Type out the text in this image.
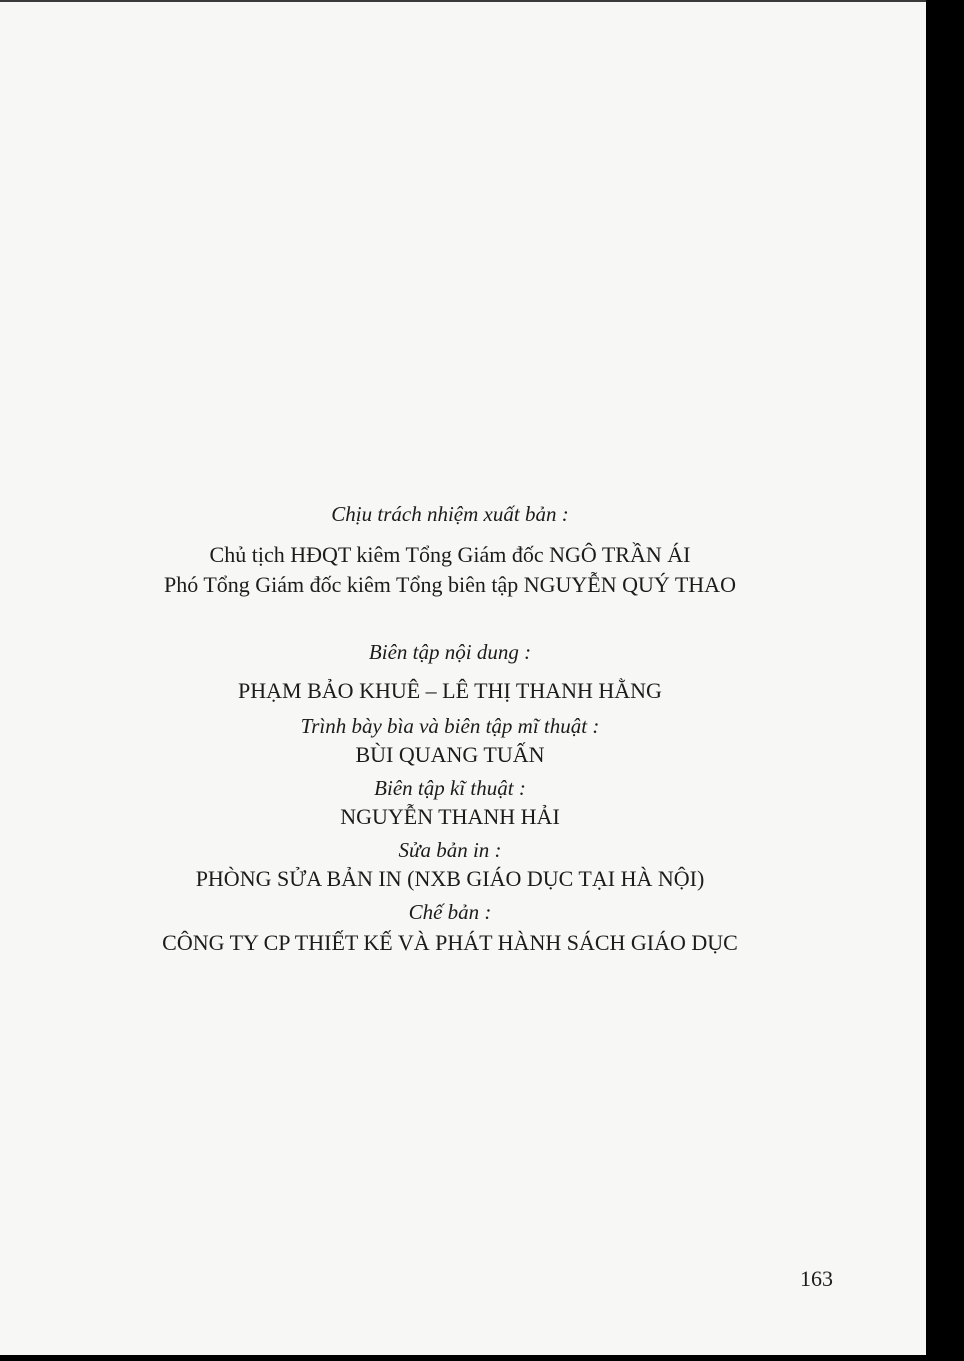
Chịu trách nhiệm xuất bản :

Chủ tịch HĐQT kiêm Tổng Giám đốc NGÔ TRẦN ÁI

Phó Tổng Giám đốc kiêm Tổng biên tập NGUYỄN QUÝ THAO

Biên tập nội dung :

PHẠM BẢO KHUÊ – LÊ THỊ THANH HẰNG

Trình bày bìa và biên tập mĩ thuật :

BÙI QUANG TUẤN

Biên tập kĩ thuật :

NGUYỄN THANH HẢI

Sửa bản in :

PHÒNG SỬA BẢN IN (NXB GIÁO DỤC TẠI HÀ NỘI)

Chế bản :

CÔNG TY CP THIẾT KẾ VÀ PHÁT HÀNH SÁCH GIÁO DỤC

163
